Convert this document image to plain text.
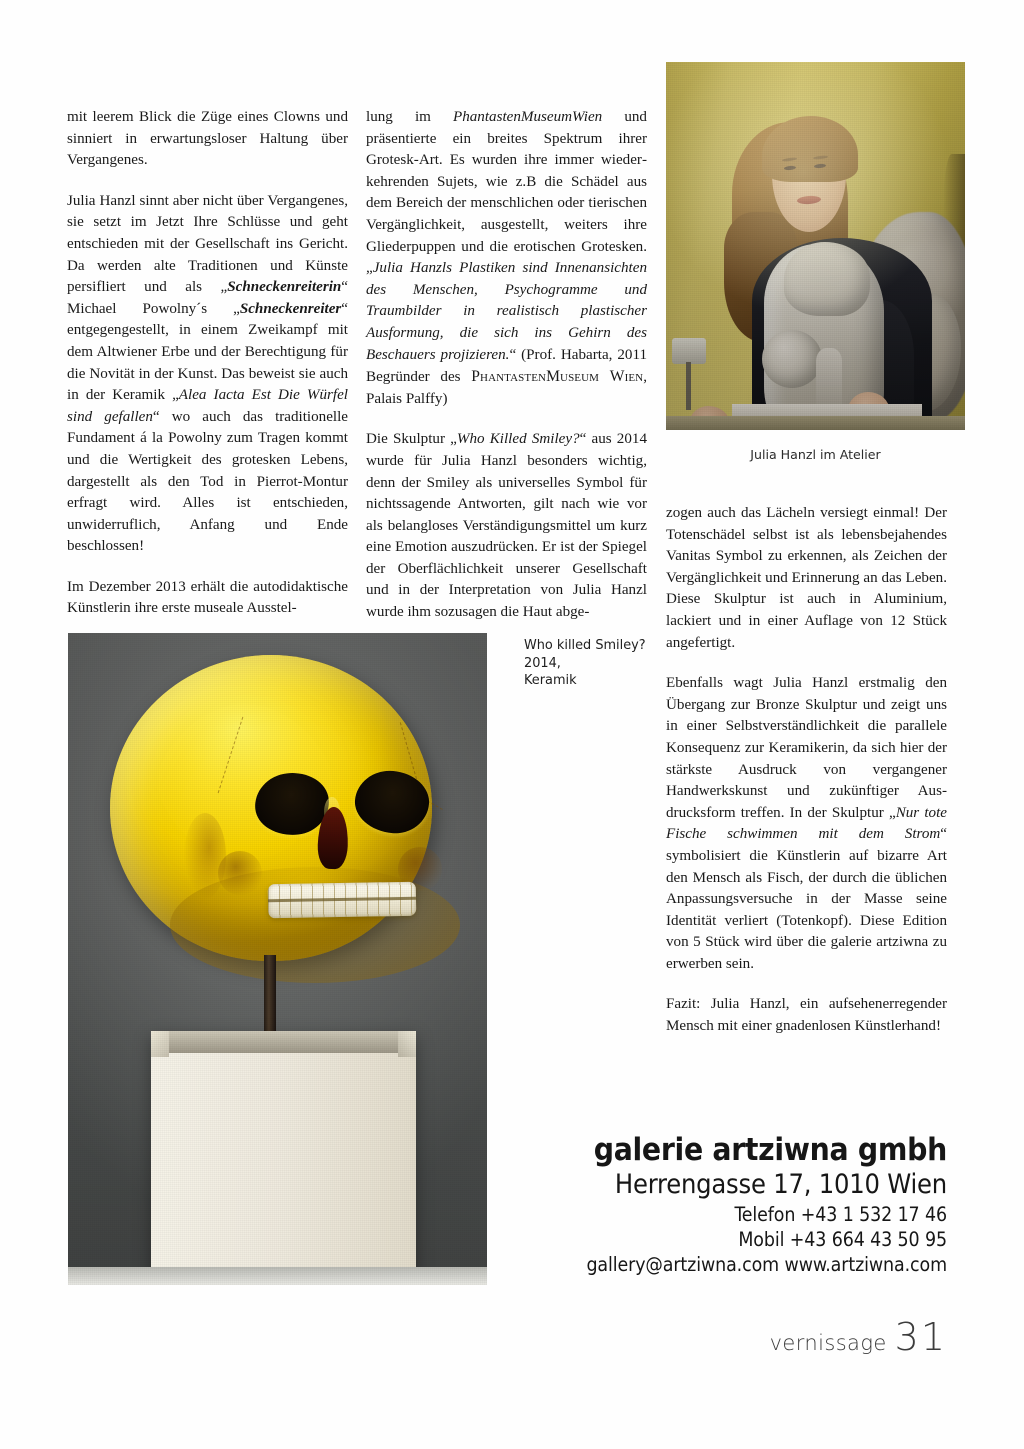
mit leerem Blick die Züge eines Clowns und sinniert in erwartungsloser Haltung über Vergangenes.

Julia Hanzl sinnt aber nicht über Vergangenes, sie setzt im Jetzt Ihre Schlüsse und geht entschieden mit der Gesellschaft ins Gericht. Da werden alte Traditionen und Künste persifliert und als „Schneckenreiterin“ Michael Powolny´s „Schneckenreiter“ entgegengestellt, in einem Zweikampf mit dem Altwiener Erbe und der Berechtigung für die Novität in der Kunst. Das beweist sie auch in der Keramik „Alea Iacta Est Die Würfel sind gefallen“ wo auch das traditionelle Fundament á la Powolny zum Tragen kommt und die Wertigkeit des grotesken Lebens, dargestellt als den Tod in Pierrot-Montur erfragt wird. Alles ist entschieden, unwiderruflich, Anfang und Ende beschlossen!

Im Dezember 2013 erhält die autodidaktische Künstlerin ihre erste museale Ausstel-

lung im PhantastenMuseumWien und präsentierte ein breites Spektrum ihrer Grotesk-Art. Es wurden ihre immer wiederkehrenden Sujets, wie z.B die Schädel aus dem Bereich der menschlichen oder tierischen Vergänglichkeit, ausgestellt, weiters ihre Gliederpuppen und die erotischen Grotesken. „Julia Hanzls Plastiken sind Innenansichten des Menschen, Psychogramme und Traumbilder in realistisch plastischer Ausformung, die sich ins Gehirn des Beschauers projizieren.“ (Prof. Habarta, 2011 Begründer des PhantastenMuseum Wien, Palais Palffy)

Die Skulptur „Who Killed Smiley?“ aus 2014 wurde für Julia Hanzl besonders wichtig, denn der Smiley als universelles Symbol für nichtssagende Antworten, gilt nach wie vor als belangloses Verständigungsmittel um kurz eine Emotion auszudrücken. Er ist der Spiegel der Oberflächlichkeit unserer Gesellschaft und in der Interpretation von Julia Hanzl wurde ihm sozusagen die Haut abge-

zogen auch das Lächeln versiegt einmal! Der Totenschädel selbst ist als lebensbejahendes Vanitas Symbol zu erkennen, als Zeichen der Vergänglichkeit und Erinnerung an das Leben. Diese Skulptur ist auch in Aluminium, lackiert und in einer Auflage von 12 Stück angefertigt.

Ebenfalls wagt Julia Hanzl erstmalig den Übergang zur Bronze Skulptur und zeigt uns in einer Selbstverständlichkeit die parallele Konsequenz zur Keramikerin, da sich hier der stärkste Ausdruck von vergangener Handwerkskunst und zukünftiger Ausdrucksform treffen. In der Skulptur „Nur tote Fische schwimmen mit dem Strom“ symbolisiert die Künstlerin auf bizarre Art den Mensch als Fisch, der durch die üblichen Anpassungsversuche in der Masse seine Identität verliert (Totenkopf). Diese Edition von 5 Stück wird über die galerie artziwna zu erwerben sein.

Fazit: Julia Hanzl, ein aufsehenerregender Mensch mit einer gnadenlosen Künstlerhand!

Julia Hanzl im Atelier
Who killed Smiley?
2014,
Keramik
galerie artziwna gmbh
Herrengasse 17, 1010 Wien
Telefon +43 1 532 17 46
Mobil +43 664 43 50 95
gallery@artziwna.com www.artziwna.com
vernissage 31
